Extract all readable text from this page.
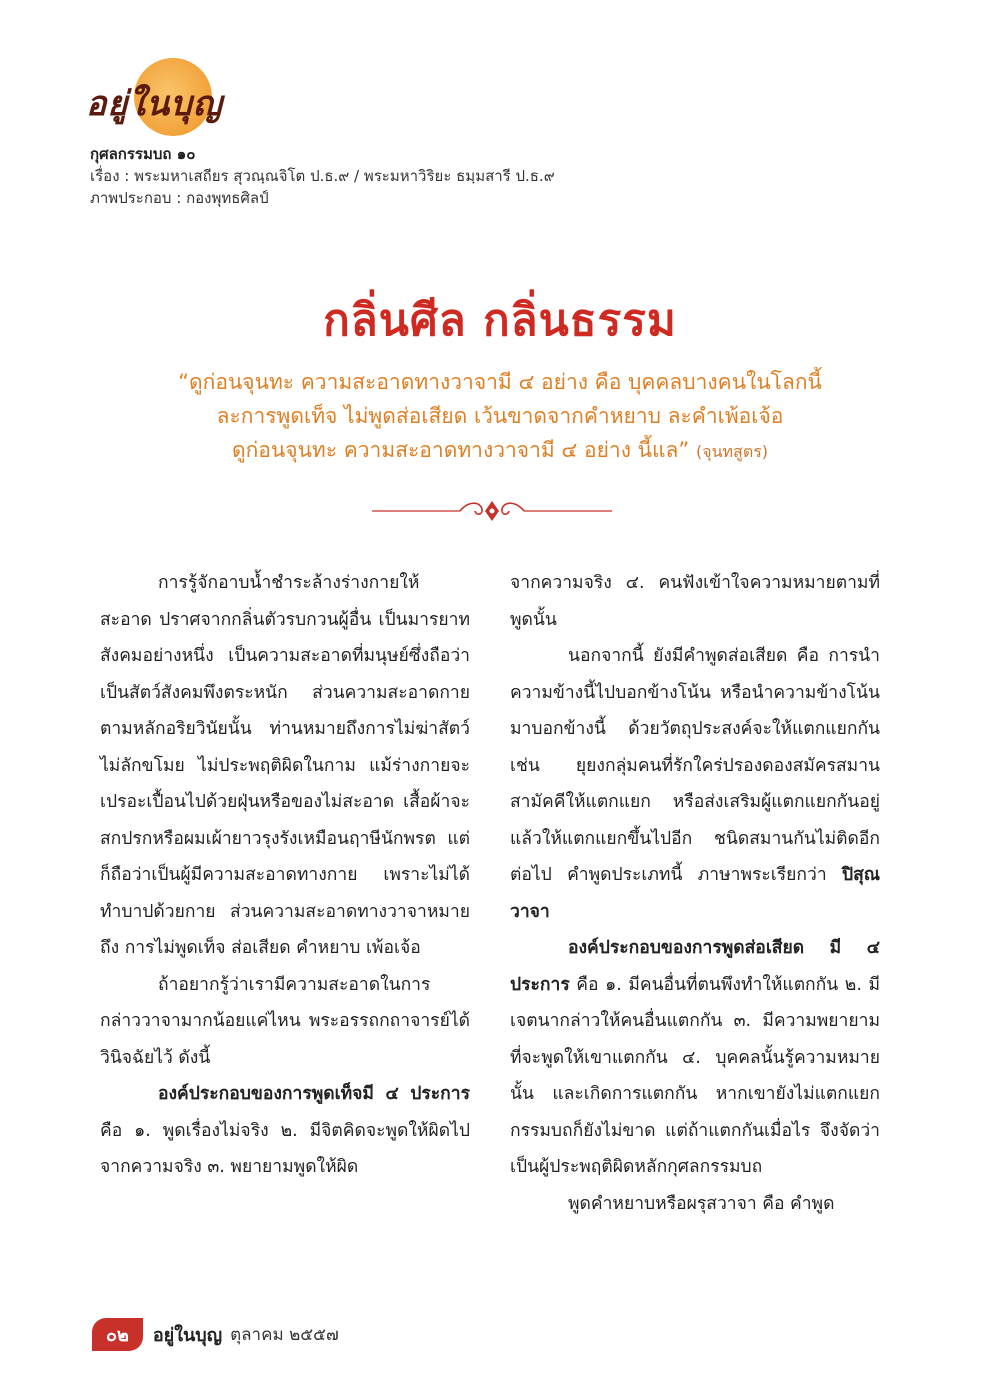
อยู่ในบุญ
กุศลกรรมบถ ๑๐
เรื่อง : พระมหาเสถียร สุวณฺณจิโต ป.ธ.๙ / พระมหาวิริยะ ธมฺมสารี ป.ธ.๙
ภาพประกอบ : กองพุทธศิลป์
กลิ่นศีล กลิ่นธรรม
“ดูก่อนจุนทะ ความสะอาดทางวาจามี ๔ อย่าง คือ บุคคลบางคนในโลกนี้
ละการพูดเท็จ ไม่พูดส่อเสียด เว้นขาดจากคำหยาบ ละคำเพ้อเจ้อ
ดูก่อนจุนทะ ความสะอาดทางวาจามี ๔ อย่าง นี้แล” (จุนทสูตร)

การรู้จักอาบน้ำชำระล้างร่างกายให้สะอาด ปราศจากกลิ่นตัวรบกวนผู้อื่น เป็นมารยาทสังคมอย่างหนึ่ง เป็นความสะอาดที่มนุษย์ซึ่งถือว่าเป็นสัตว์สังคมพึงตระหนัก ส่วนความสะอาดกายตามหลักอริยวินัยนั้น ท่านหมายถึงการไม่ฆ่าสัตว์ ไม่ลักขโมย ไม่ประพฤติผิดในกาม แม้ร่างกายจะเปรอะเปื้อนไปด้วยฝุ่นหรือของไม่สะอาด เสื้อผ้าจะสกปรกหรือผมเผ้ายาวรุงรังเหมือนฤาษีนักพรต แต่ก็ถือว่าเป็นผู้มีความสะอาดทางกาย เพราะไม่ได้ทำบาปด้วยกาย ส่วนความสะอาดทางวาจาหมายถึง การไม่พูดเท็จ ส่อเสียด คำหยาบ เพ้อเจ้อ

ถ้าอยากรู้ว่าเรามีความสะอาดในการกล่าววาจามากน้อยแค่ไหน พระอรรถกถาจารย์ได้วินิจฉัยไว้ ดังนี้

องค์ประกอบของการพูดเท็จมี ๔ ประการ คือ ๑. พูดเรื่องไม่จริง ๒. มีจิตคิดจะพูดให้ผิดไปจากความจริง ๓. พยายามพูดให้ผิด

จากความจริง ๔. คนฟังเข้าใจความหมายตามที่พูดนั้น

นอกจากนี้ ยังมีคำพูดส่อเสียด คือ การนำความข้างนี้ไปบอกข้างโน้น หรือนำความข้างโน้นมาบอกข้างนี้ ด้วยวัตถุประสงค์จะให้แตกแยกกัน เช่น ยุยงกลุ่มคนที่รักใคร่ปรองดองสมัครสมานสามัคคีให้แตกแยก หรือส่งเสริมผู้แตกแยกกันอยู่แล้วให้แตกแยกขึ้นไปอีก ชนิดสมานกันไม่ติดอีกต่อไป คำพูดประเภทนี้ ภาษาพระเรียกว่า ปิสุณวาจา

องค์ประกอบของการพูดส่อเสียด มี ๔ ประการ คือ ๑. มีคนอื่นที่ตนพึงทำให้แตกกัน ๒. มีเจตนากล่าวให้คนอื่นแตกกัน ๓. มีความพยายามที่จะพูดให้เขาแตกกัน ๔. บุคคลนั้นรู้ความหมายนั้น และเกิดการแตกกัน หากเขายังไม่แตกแยก กรรมบถก็ยังไม่ขาด แต่ถ้าแตกกันเมื่อไร จึงจัดว่าเป็นผู้ประพฤติผิดหลักกุศลกรรมบถ

พูดคำหยาบหรือผรุสวาจา คือ คำพูด

๐๒	อยู่ในบุญ ตุลาคม ๒๕๕๗
